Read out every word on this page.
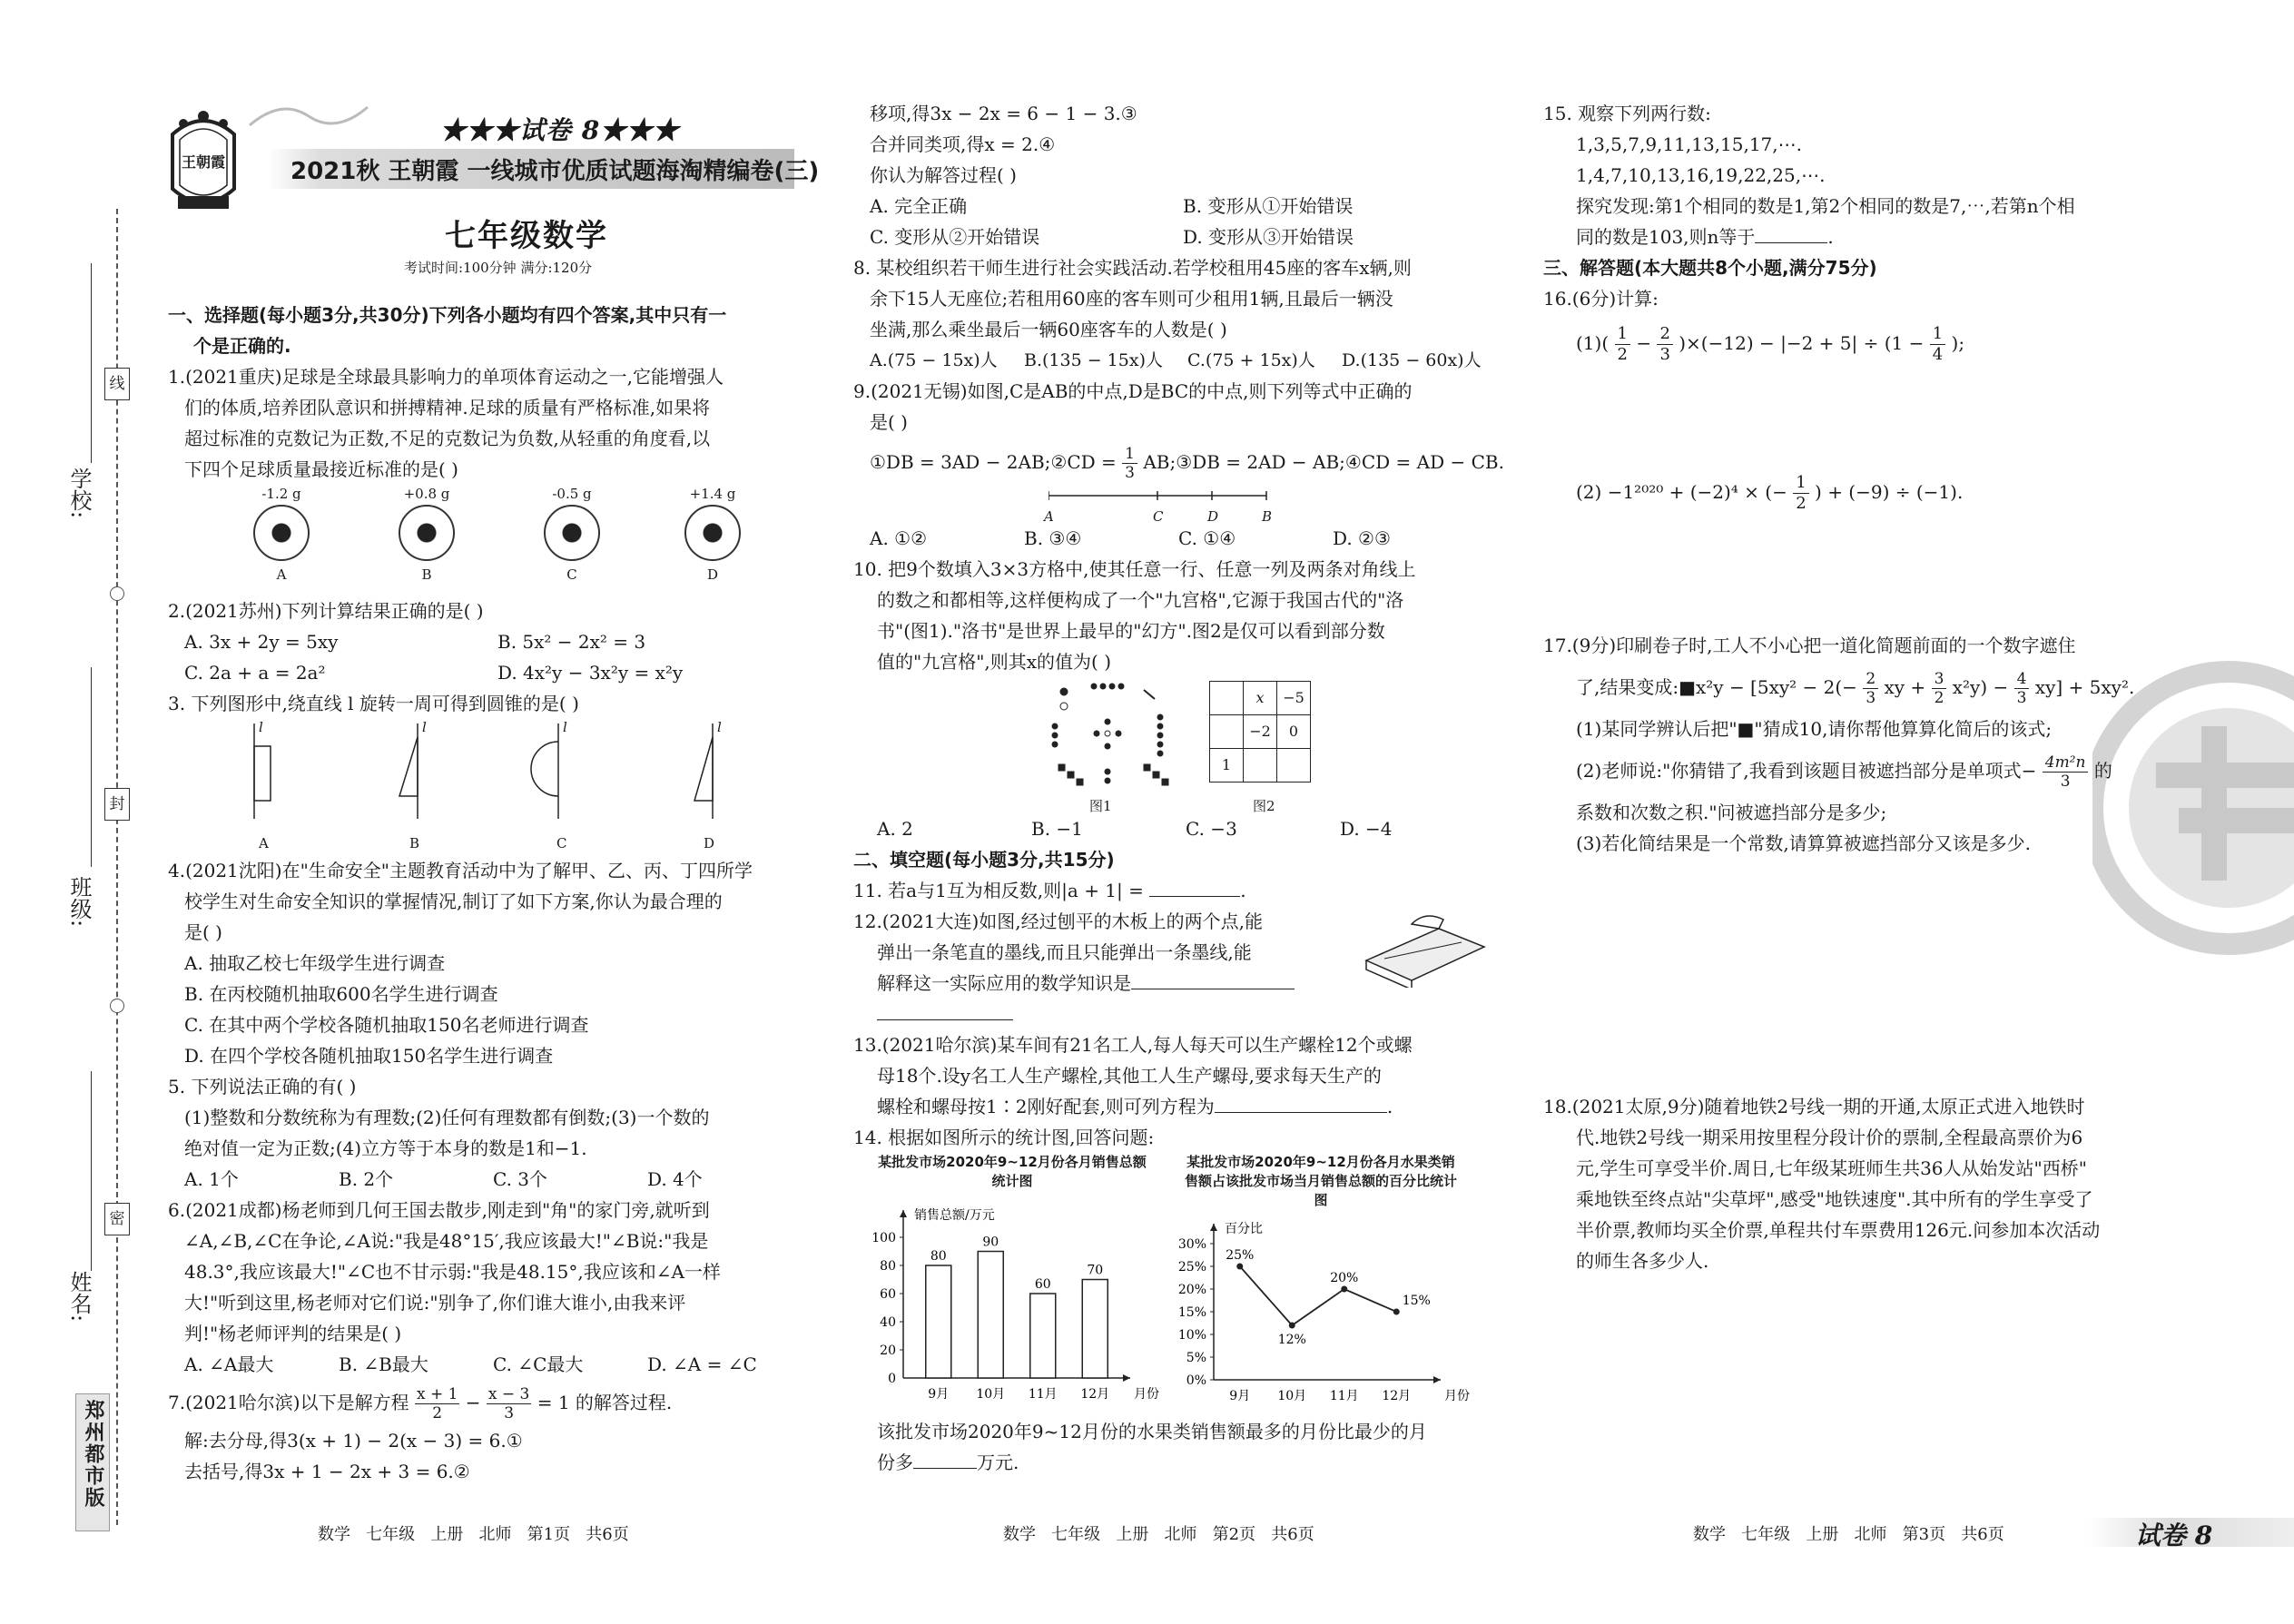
学校:
班级:
姓名:
线
封
密
郑州都市版
王朝霞
★★★试卷 8★★★
2021秋 王朝霞 一线城市优质试题海淘精编卷(三)
七年级数学
考试时间:100分钟 满分:120分
一、选择题(每小题3分,共30分)下列各小题均有四个答案,其中只有一
个是正确的.
1.(2021重庆)足球是全球最具影响力的单项体育运动之一,它能增强人
们的体质,培养团队意识和拼搏精神.足球的质量有严格标准,如果将
超过标准的克数记为正数,不足的克数记为负数,从轻重的角度看,以
下四个足球质量最接近标准的是( )
-1.2 g
A
+0.8 g
B
-0.5 g
C
+1.4 g
D
2.(2021苏州)下列计算结果正确的是( )
A. 3x + 2y = 5xy	B. 5x² − 2x² = 3
C. 2a + a = 2a²	D. 4x²y − 3x²y = x²y
3. 下列图形中,绕直线 l 旋转一周可得到圆锥的是( )
l	l	l	l
A	B	C	D
4.(2021沈阳)在"生命安全"主题教育活动中为了解甲、乙、丙、丁四所学
校学生对生命安全知识的掌握情况,制订了如下方案,你认为最合理的
是( )
A. 抽取乙校七年级学生进行调查
B. 在丙校随机抽取600名学生进行调查
C. 在其中两个学校各随机抽取150名老师进行调查
D. 在四个学校各随机抽取150名学生进行调查
5. 下列说法正确的有( )
(1)整数和分数统称为有理数;(2)任何有理数都有倒数;(3)一个数的
绝对值一定为正数;(4)立方等于本身的数是1和−1.
A. 1个	B. 2个	C. 3个	D. 4个
6.(2021成都)杨老师到几何王国去散步,刚走到"角"的家门旁,就听到
∠A,∠B,∠C在争论,∠A说:"我是48°15′,我应该最大!"∠B说:"我是
48.3°,我应该最大!"∠C也不甘示弱:"我是48.15°,我应该和∠A一样
大!"听到这里,杨老师对它们说:"别争了,你们谁大谁小,由我来评
判!"杨老师评判的结果是( )
A. ∠A最大	B. ∠B最大	C. ∠C最大	D. ∠A = ∠C
7.(2021哈尔滨)以下是解方程 $\frac{x + 1}{2} - \frac{x - 3}{3} = 1$ 的解答过程.
解:去分母,得3(x + 1) − 2(x − 3) = 6.①
去括号,得3x + 1 − 2x + 3 = 6.②
数学   七年级   上册   北师   第1页   共6页
移项,得3x − 2x = 6 − 1 − 3.③
合并同类项,得x = 2.④
你认为解答过程( )
A. 完全正确	B. 变形从①开始错误
C. 变形从②开始错误	D. 变形从③开始错误
8. 某校组织若干师生进行社会实践活动.若学校租用45座的客车x辆,则
余下15人无座位;若租用60座的客车则可少租用1辆,且最后一辆没
坐满,那么乘坐最后一辆60座客车的人数是( )
A.(75 − 15x)人 B.(135 − 15x)人 C.(75 + 15x)人 D.(135 − 60x)人
9.(2021无锡)如图,C是AB的中点,D是BC的中点,则下列等式中正确的
是( )
①DB = 3AD − 2AB;②CD = $\frac{1}{3}$ AB;③DB = 2AD − AB;④CD = AD − CB.
A	C	D	B
A. ①②	B. ③④	C. ①④	D. ②③
10. 把9个数填入3×3方格中,使其任意一行、任意一列及两条对角线上
的数之和都相等,这样便构成了一个"九宫格",它源于我国古代的"洛
书"(图1)."洛书"是世界上最早的"幻方".图2是仅可以看到部分数
值的"九宫格",则其x的值为( )
图1
	x	−5
	−2	0
1		
图2
A. 2	B. −1	C. −3	D. −4
二、填空题(每小题3分,共15分)
11. 若a与1互为相反数,则|a + 1| =	.
12.(2021大连)如图,经过刨平的木板上的两个点,能
弹出一条笔直的墨线,而且只能弹出一条墨线,能
解释这一实际应用的数学知识是
13.(2021哈尔滨)某车间有21名工人,每人每天可以生产螺栓12个或螺
母18个.设y名工人生产螺栓,其他工人生产螺母,要求每天生产的
螺栓和螺母按1∶2刚好配套,则可列方程为	.
14. 根据如图所示的统计图,回答问题:
某批发市场2020年9~12月份各月销售总额统计图
销售总额/万元
月份
20
40
60
80
100
0
80
9月
90
10月
60
11月
70
12月
某批发市场2020年9~12月份各月水果类销售额占该批发市场当月销售总额的百分比统计图
百分比
月份
0%
5%
10%
15%
20%
25%
30%
25%
9月
12%
10月
20%
11月
15%
12月
该批发市场2020年9~12月份的水果类销售额最多的月份比最少的月
份多	万元.
数学   七年级   上册   北师   第2页   共6页
15. 观察下列两行数:
1,3,5,7,9,11,13,15,17,⋯.
1,4,7,10,13,16,19,22,25,⋯.
探究发现:第1个相同的数是1,第2个相同的数是7,⋯,若第n个相
同的数是103,则n等于	.
三、解答题(本大题共8个小题,满分75分)
16.(6分)计算:
$(1)( \frac{1}{2} - \frac{2}{3} )\times(-12) - |-2 + 5| \div (1 - \frac{1}{4}$ );
(2) −1²⁰²⁰ + (−2)⁴ × (− $\frac{1}{2}$ ) + (−9) ÷ (−1).
17.(9分)印刷卷子时,工人不小心把一道化简题前面的一个数字遮住
了,结果变成:■x²y − [$5xy^2 - 2(- \frac{2}{3}$ xy + $\frac{3}{2} x^2y) - \frac{4}{3} xy] + 5xy^2$.
(1)某同学辨认后把"■"猜成10,请你帮他算算化简后的该式;
(2)老师说:"你猜错了,我看到该题目被遮挡部分是单项式− $\frac{\text{4m²n}}{3}$ 的
系数和次数之积."问被遮挡部分是多少;
(3)若化简结果是一个常数,请算算被遮挡部分又该是多少.
18.(2021太原,9分)随着地铁2号线一期的开通,太原正式进入地铁时
代.地铁2号线一期采用按里程分段计价的票制,全程最高票价为6
元,学生可享受半价.周日,七年级某班师生共36人从始发站"西桥"
乘地铁至终点站"尖草坪",感受"地铁速度".其中所有的学生享受了
半价票,教师均买全价票,单程共付车票费用126元.问参加本次活动
的师生各多少人.
数学   七年级   上册   北师   第3页   共6页	试卷 8
